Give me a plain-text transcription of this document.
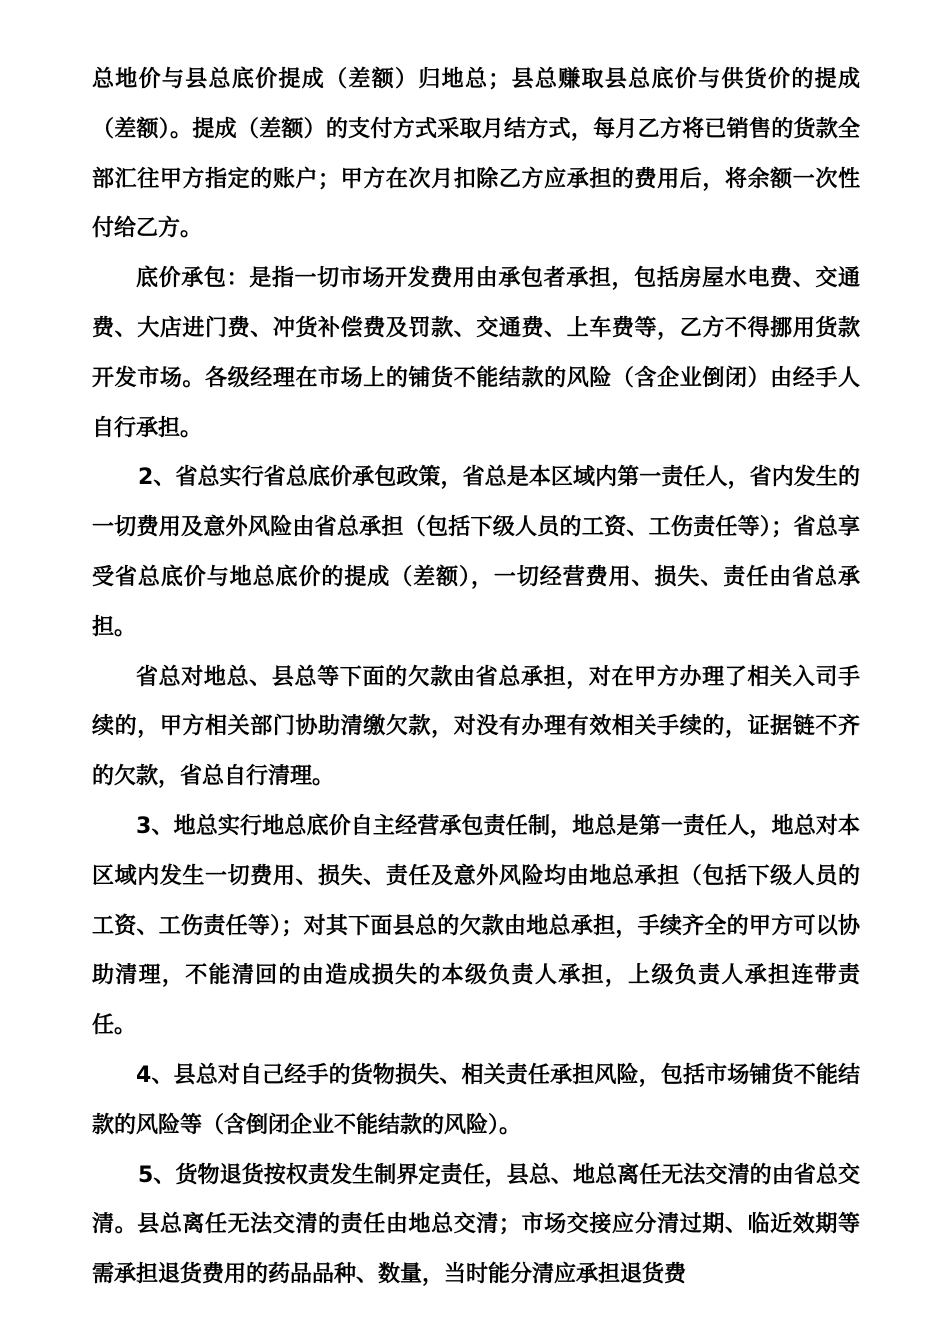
总地价与县总底价提成（差额）归地总；县总赚取县总底价与供货价的提成（差额）。提成（差额）的支付方式采取月结方式，每月乙方将已销售的货款全部汇往甲方指定的账户；甲方在次月扣除乙方应承担的费用后，将余额一次性付给乙方。

底价承包：是指一切市场开发费用由承包者承担，包括房屋水电费、交通费、大店进门费、冲货补偿费及罚款、交通费、上车费等，乙方不得挪用货款开发市场。各级经理在市场上的铺货不能结款的风险（含企业倒闭）由经手人自行承担。

2、省总实行省总底价承包政策，省总是本区域内第一责任人，省内发生的一切费用及意外风险由省总承担（包括下级人员的工资、工伤责任等）；省总享受省总底价与地总底价的提成（差额），一切经营费用、损失、责任由省总承担。

省总对地总、县总等下面的欠款由省总承担，对在甲方办理了相关入司手续的，甲方相关部门协助清缴欠款，对没有办理有效相关手续的，证据链不齐的欠款，省总自行清理。

3、地总实行地总底价自主经营承包责任制，地总是第一责任人，地总对本区域内发生一切费用、损失、责任及意外风险均由地总承担（包括下级人员的工资、工伤责任等）；对其下面县总的欠款由地总承担，手续齐全的甲方可以协助清理，不能清回的由造成损失的本级负责人承担，上级负责人承担连带责任。

4、县总对自己经手的货物损失、相关责任承担风险，包括市场铺货不能结款的风险等（含倒闭企业不能结款的风险）。

5、货物退货按权责发生制界定责任，县总、地总离任无法交清的由省总交清。县总离任无法交清的责任由地总交清；市场交接应分清过期、临近效期等需承担退货费用的药品品种、数量，当时能分清应承担退货费
